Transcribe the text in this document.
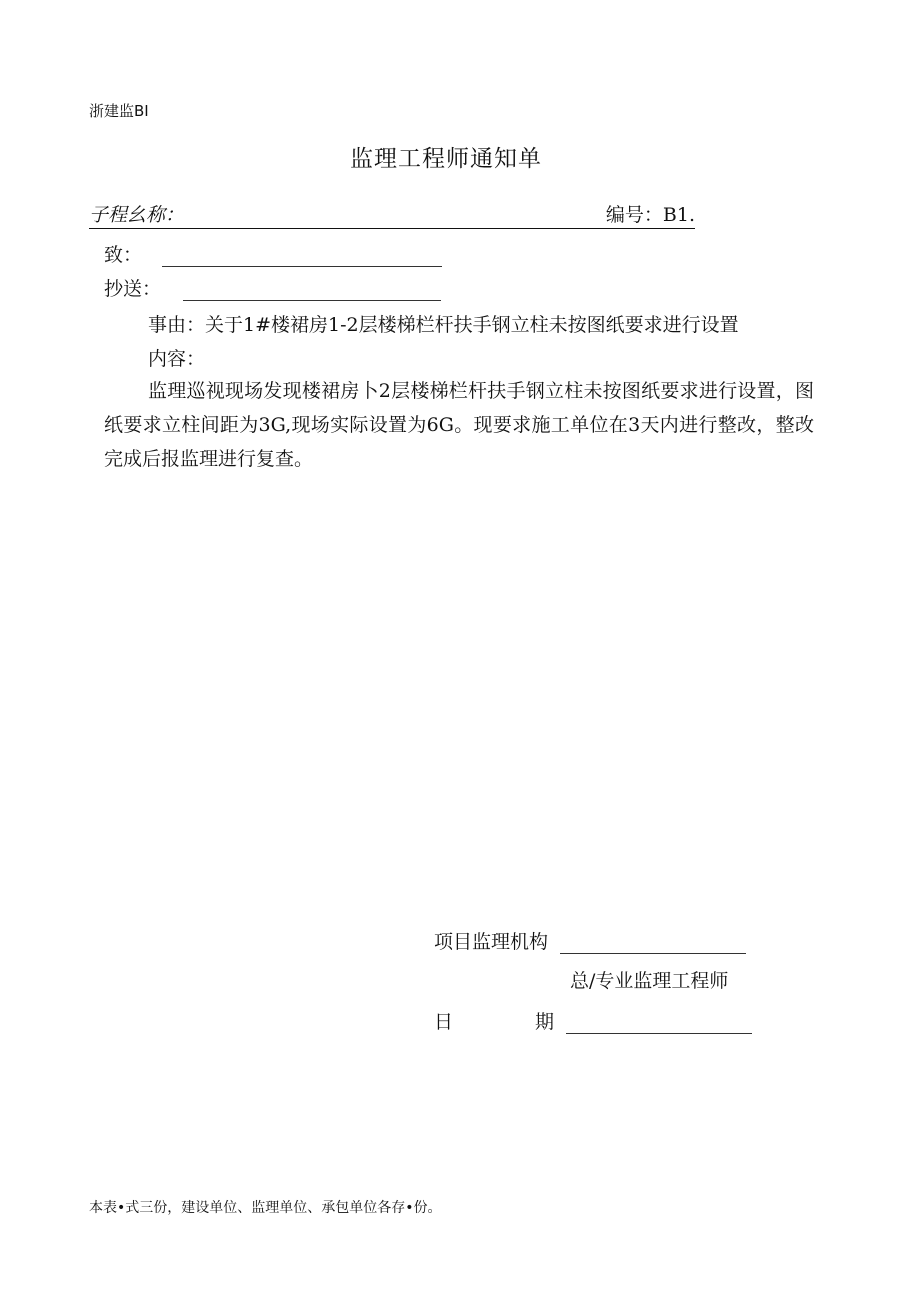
浙建监BI
监理工程师通知单
子程幺称：	编号：B1.
致：
抄送：
事由：关于1#楼裙房1-2层楼梯栏杆扶手钢立柱未按图纸要求进行设置
内容：
监理巡视现场发现楼裙房卜2层楼梯栏杆扶手钢立柱未按图纸要求进行设置，图纸要求立柱间距为3G,现场实际设置为6G。现要求施工单位在3天内进行整改，整改完成后报监理进行复查。
项目监理机构
总/专业监理工程师
日	期
本表•式三份，建设单位、监理单位、承包单位各存•份。
